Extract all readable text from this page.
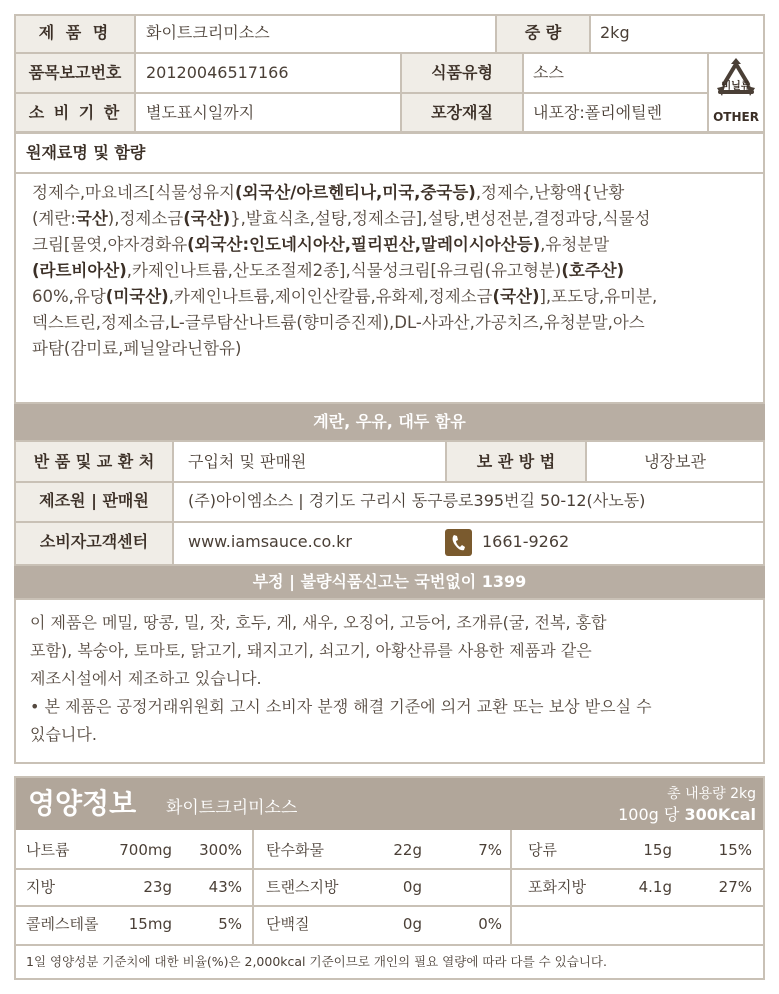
제 품 명	화이트크리미소스	중 량	2kg
품목보고번호	20120046517166	식품유형	소스
소 비 기 한	별도표시일까지	포장재질	내포장:폴리에틸렌
비닐류
OTHER
원재료명 및 함량
정제수,마요네즈[식물성유지(외국산/아르헨티나,미국,중국등),정제수,난황액{난황
(계란:국산),정제소금(국산)},발효식초,설탕,정제소금],설탕,변성전분,결정과당,식물성
크림[물엿,야자경화유(외국산:인도네시아산,필리핀산,말레이시아산등),유청분말
(라트비아산),카제인나트륨,산도조절제2종],식물성크림[유크림(유고형분)(호주산)
60%,유당(미국산),카제인나트륨,제이인산칼륨,유화제,정제소금(국산)],포도당,유미분,
덱스트린,정제소금,L-글루탐산나트륨(향미증진제),DL-사과산,가공치즈,유청분말,아스
파탐(감미료,페닐알라닌함유)
계란, 우유, 대두 함유
반 품 및 교 환 처	구입처 및 판매원	보 관 방 법	냉장보관
제조원 | 판매원	(주)아이엠소스 | 경기도 구리시 동구릉로395번길 50-12(사노동)
소비자고객센터	www.iamsauce.co.kr	1661-9262
부정 | 불량식품신고는 국번없이 1399
이 제품은 메밀, 땅콩, 밀, 잣, 호두, 게, 새우, 오징어, 고등어, 조개류(굴, 전복, 홍합
포함), 복숭아, 토마토, 닭고기, 돼지고기, 쇠고기, 아황산류를 사용한 제품과 같은
제조시설에서 제조하고 있습니다.
• 본 제품은 공정거래위원회 고시 소비자 분쟁 해결 기준에 의거 교환 또는 보상 받으실 수
있습니다.
영양정보 화이트크리미소스
총 내용량 2kg
100g 당 300Kcal
나트륨	700mg	300% 탄수화물	22g	7% 당류	15g	15%
지방	23g	43% 트랜스지방	0g	포화지방	4.1g	27%
콜레스테롤	15mg	5% 단백질	0g	0%
1일 영양성분 기준치에 대한 비율(%)은 2,000kcal 기준이므로 개인의 필요 열량에 따라 다를 수 있습니다.
